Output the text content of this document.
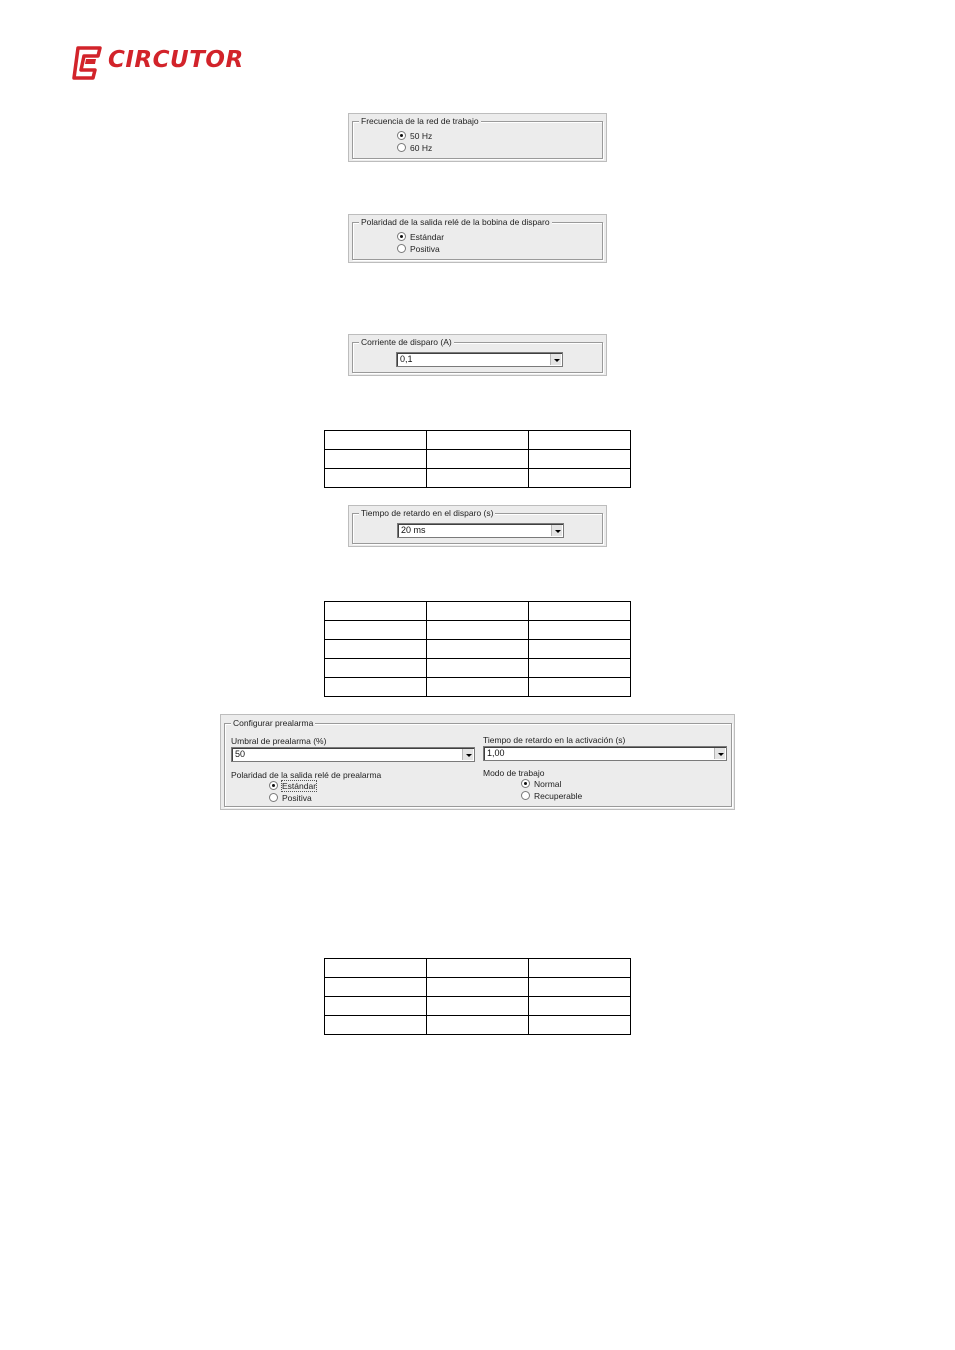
CIRCUTOR
Frecuencia de la red de trabajo
50 Hz
60 Hz
Polaridad de la salida relé de la bobina de disparo
Estándar
Positiva
Corriente de disparo (A)
0,1

Tiempo de retardo en el disparo (s)
20 ms

Configurar prealarma
Umbral de prealarma (%)
50
Tiempo de retardo en la activación (s)
1,00
Polaridad de la salida relé de prealarma
Estándar
Positiva
Modo de trabajo
Normal
Recuperable
